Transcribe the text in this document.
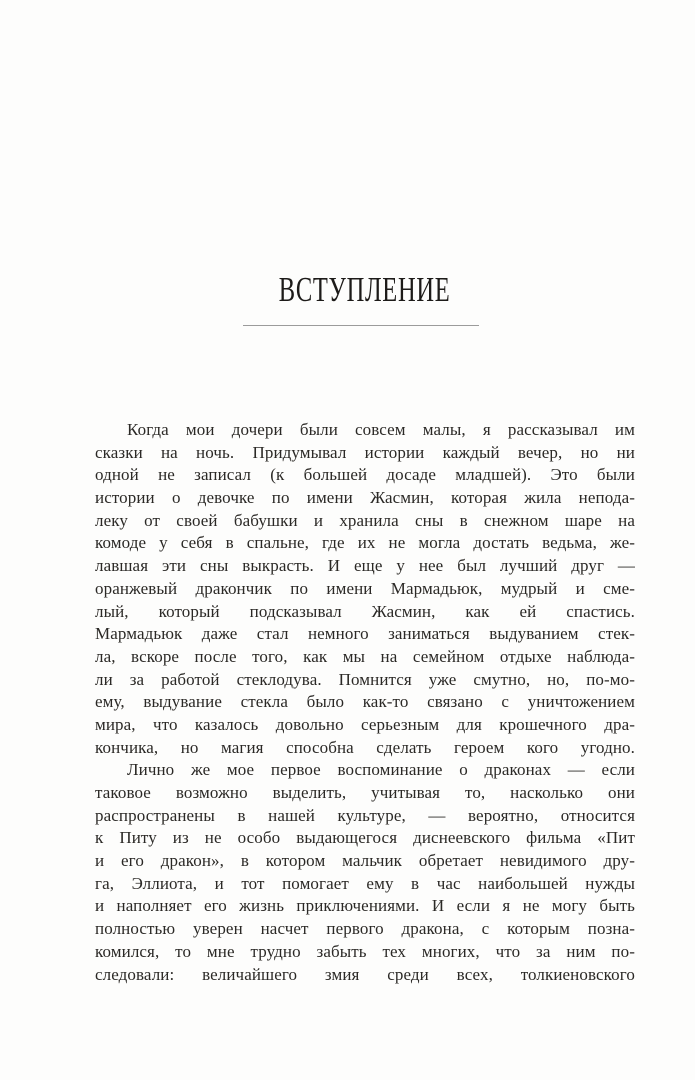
ВСТУПЛЕНИЕ
Когда мои дочери были совсем малы, я рассказывал им
сказки на ночь. Придумывал истории каждый вечер, но ни
одной не записал (к большей досаде младшей). Это были
истории о девочке по имени Жасмин, которая жила непода-
леку от своей бабушки и хранила сны в снежном шаре на
комоде у себя в спальне, где их не могла достать ведьма, же-
лавшая эти сны выкрасть. И еще у нее был лучший друг —
оранжевый дракончик по имени Мармадьюк, мудрый и сме-
лый, который подсказывал Жасмин, как ей спастись.
Мармадьюк даже стал немного заниматься выдуванием стек-
ла, вскоре после того, как мы на семейном отдыхе наблюда-
ли за работой стеклодува. Помнится уже смутно, но, по-мо-
ему, выдувание стекла было как-то связано с уничтожением
мира, что казалось довольно серьезным для крошечного дра-
кончика, но магия способна сделать героем кого угодно.
Лично же мое первое воспоминание о драконах — если
таковое возможно выделить, учитывая то, насколько они
распространены в нашей культуре, — вероятно, относится
к Питу из не особо выдающегося диснеевского фильма «Пит
и его дракон», в котором мальчик обретает невидимого дру-
га, Эллиота, и тот помогает ему в час наибольшей нужды
и наполняет его жизнь приключениями. И если я не могу быть
полностью уверен насчет первого дракона, с которым позна-
комился, то мне трудно забыть тех многих, что за ним по-
следовали: величайшего змия среди всех, толкиеновского
